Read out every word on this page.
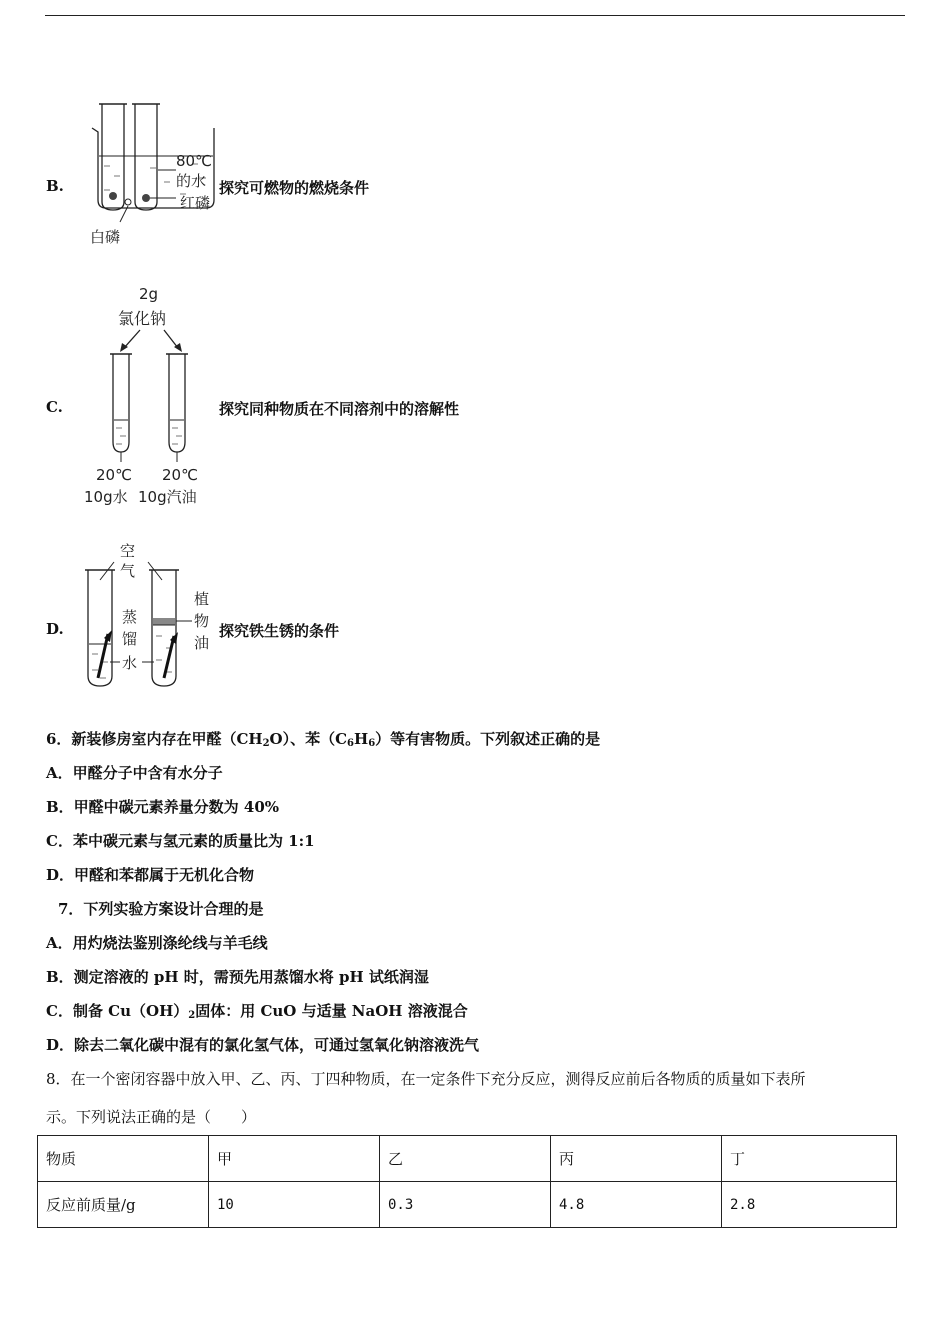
B.
80℃
的水
红磷
白磷
探究可燃物的燃烧条件
C.
2g
氯化钠
20℃
10g水
20℃
10g汽油
探究同种物质在不同溶剂中的溶解性
D.
空
气
蒸
馏
水
植
物
油
探究铁生锈的条件
6．新装修房室内存在甲醛$(CH_2O)$、苯$(C_6H_6)$等有害物质。下列叙述正确的是
A．甲醛分子中含有水分子
B．甲醛中碳元素养量分数为 40%
C．苯中碳元素与氢元素的质量比为 1:1
D．甲醛和苯都属于无机化合物
7．下列实验方案设计合理的是
A．用灼烧法鉴别涤纶线与羊毛线
B．测定溶液的 pH 时，需预先用蒸馏水将 pH 试纸润湿
C．制备 $Cu(OH)_2$固体：用 CuO 与适量 NaOH 溶液混合
D．除去二氧化碳中混有的氯化氢气体，可通过氢氧化钠溶液洗气
8．在一个密闭容器中放入甲、乙、丙、丁四种物质，在一定条件下充分反应，测得反应前后各物质的质量如下表所
示。下列说法正确的是（　　）
物质	甲	乙	丙	丁
反应前质量/g	10	0.3	4.8	2.8
